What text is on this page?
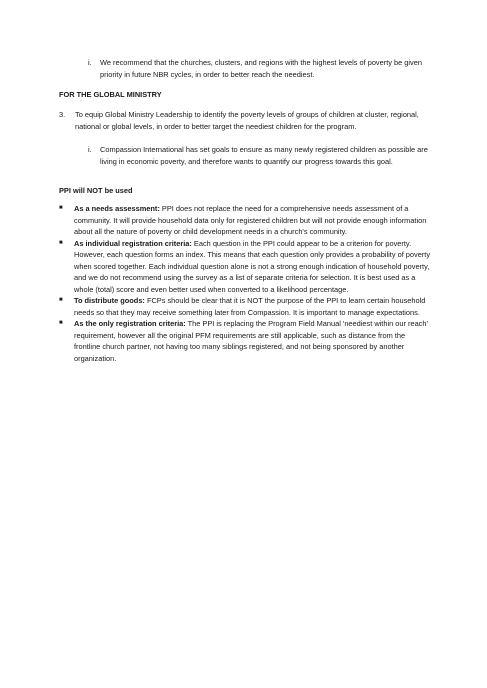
i.	We recommend that the churches, clusters, and regions with the highest levels of poverty be given priority in future NBR cycles, in order to better reach the neediest.

FOR THE GLOBAL MINISTRY

3.	To equip Global Ministry Leadership to identify the poverty levels of groups of children at cluster, regional, national or global levels, in order to better target the neediest children for the program.
i.	Compassion International has set goals to ensure as many newly registered children as possible are living in economic poverty, and therefore wants to quantify our progress towards this goal.

PPI will NOT be used

■	As a needs assessment: PPI does not replace the need for a comprehensive needs assessment of a community. It will provide household data only for registered children but will not provide enough information about all the nature of poverty or child development needs in a church's community.
■	As individual registration criteria: Each question in the PPI could appear to be a criterion for poverty. However, each question forms an index. This means that each question only provides a probability of poverty when scored together. Each individual question alone is not a strong enough indication of household poverty, and we do not recommend using the survey as a list of separate criteria for selection. It is best used as a whole (total) score and even better used when converted to a likelihood percentage.
■	To distribute goods: FCPs should be clear that it is NOT the purpose of the PPI to learn certain household needs so that they may receive something later from Compassion. It is important to manage expectations.
■	As the only registration criteria: The PPI is replacing the Program Field Manual 'neediest within our reach' requirement, however all the original PFM requirements are still applicable, such as distance from the frontline church partner, not having too many siblings registered, and not being sponsored by another organization.
